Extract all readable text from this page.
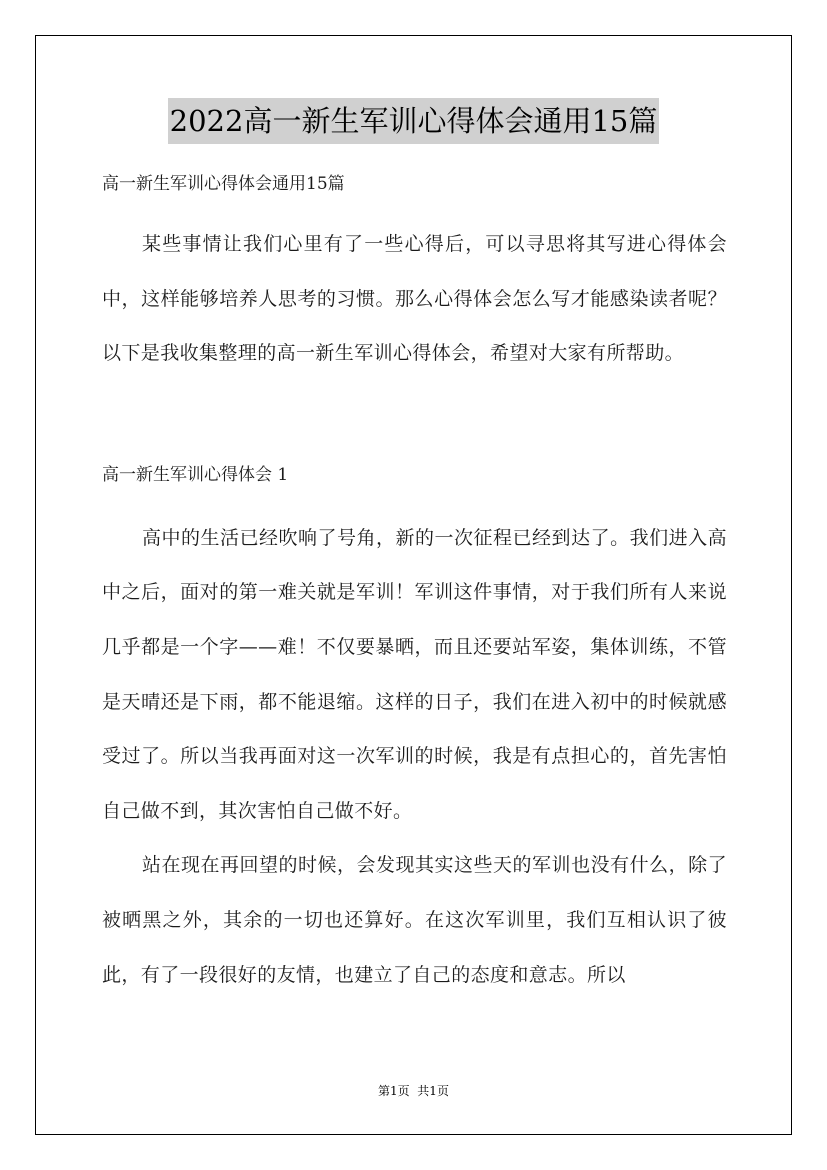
2022高一新生军训心得体会通用15篇
高一新生军训心得体会通用15篇

某些事情让我们心里有了一些心得后，可以寻思将其写进心得体会中，这样能够培养人思考的习惯。那么心得体会怎么写才能感染读者呢？以下是我收集整理的高一新生军训心得体会，希望对大家有所帮助。

高一新生军训心得体会 1

高中的生活已经吹响了号角，新的一次征程已经到达了。我们进入高中之后，面对的第一难关就是军训！军训这件事情，对于我们所有人来说几乎都是一个字——难！不仅要暴晒，而且还要站军姿，集体训练，不管是天晴还是下雨，都不能退缩。这样的日子，我们在进入初中的时候就感受过了。所以当我再面对这一次军训的时候，我是有点担心的，首先害怕自己做不到，其次害怕自己做不好。

站在现在再回望的时候，会发现其实这些天的军训也没有什么，除了被晒黑之外，其余的一切也还算好。在这次军训里，我们互相认识了彼此，有了一段很好的友情，也建立了自己的态度和意志。所以

第1页  共1页
